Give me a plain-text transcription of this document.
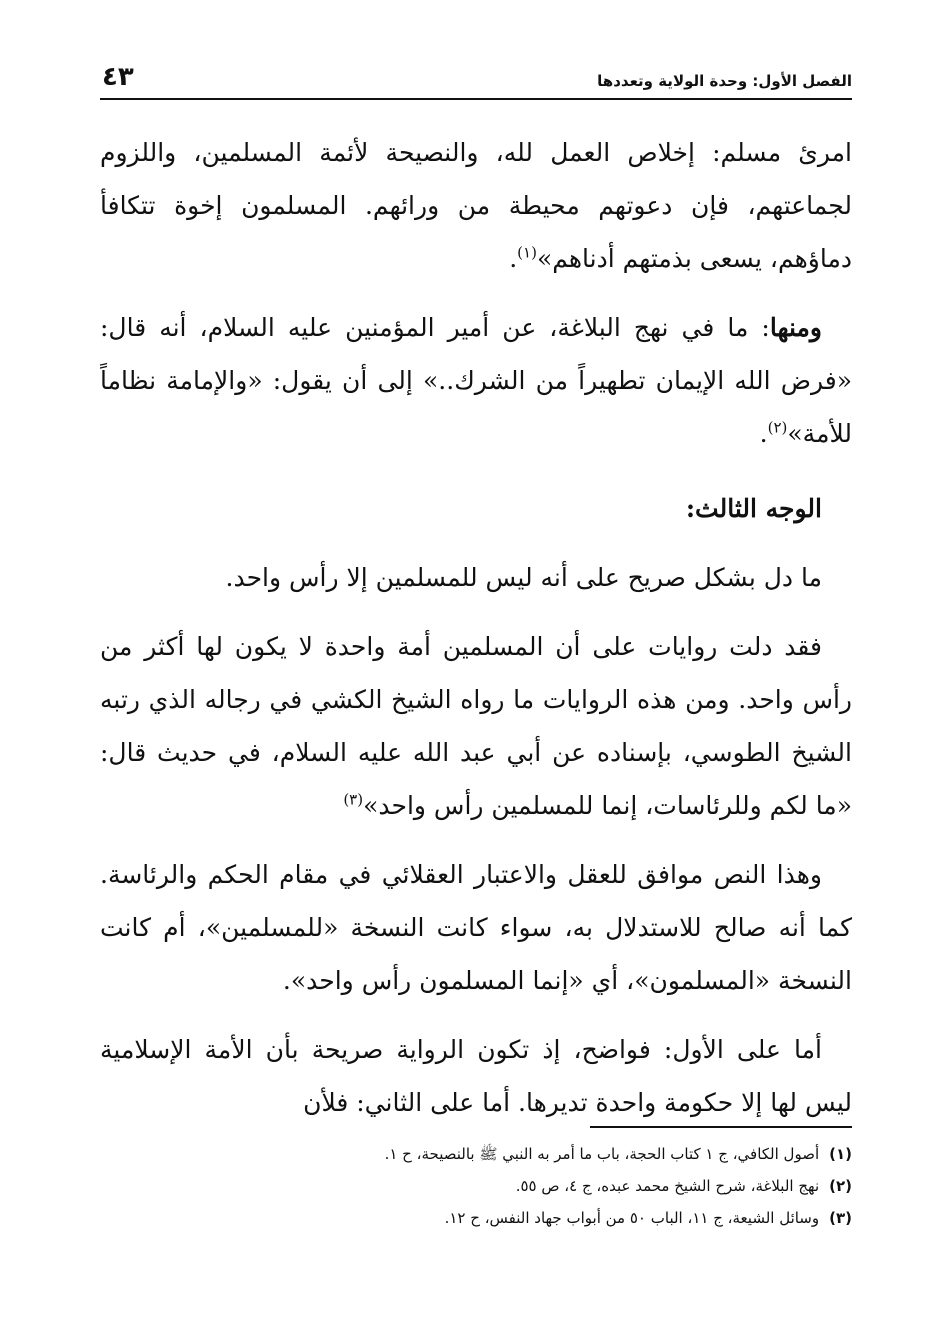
الفصل الأول: وحدة الولاية وتعددها
٤٣

امرئ مسلم: إخلاص العمل لله، والنصيحة لأئمة المسلمين، واللزوم لجماعتهم، فإن دعوتهم محيطة من ورائهم. المسلمون إخوة تتكافأ دماؤهم، يسعى بذمتهم أدناهم»$^{(١)}$.

ومنها: ما في نهج البلاغة، عن أمير المؤمنين عليه السلام، أنه قال: «فرض الله الإيمان تطهيراً من الشرك..» إلى أن يقول: «والإمامة نظاماً للأمة»$^{(٢)}$.

الوجه الثالث:

ما دل بشكل صريح على أنه ليس للمسلمين إلا رأس واحد.

فقد دلت روايات على أن المسلمين أمة واحدة لا يكون لها أكثر من رأس واحد. ومن هذه الروايات ما رواه الشيخ الكشي في رجاله الذي رتبه الشيخ الطوسي، بإسناده عن أبي عبد الله عليه السلام، في حديث قال: «ما لكم وللرئاسات، إنما للمسلمين رأس واحد»$^{(٣)}$

وهذا النص موافق للعقل والاعتبار العقلائي في مقام الحكم والرئاسة. كما أنه صالح للاستدلال به، سواء كانت النسخة «للمسلمين»، أم كانت النسخة «المسلمون»، أي «إنما المسلمون رأس واحد».

أما على الأول: فواضح، إذ تكون الرواية صريحة بأن الأمة الإسلامية ليس لها إلا حكومة واحدة تديرها. أما على الثاني: فلأن

(١)أصول الكافي، ج ١ كتاب الحجة، باب ما أمر به النبي ﷺ بالنصيحة، ح ١.
(٢)نهج البلاغة، شرح الشيخ محمد عبده، ج ٤، ص ٥٥.
(٣)وسائل الشيعة، ج ١١، الباب ٥٠ من أبواب جهاد النفس، ح ١٢.
